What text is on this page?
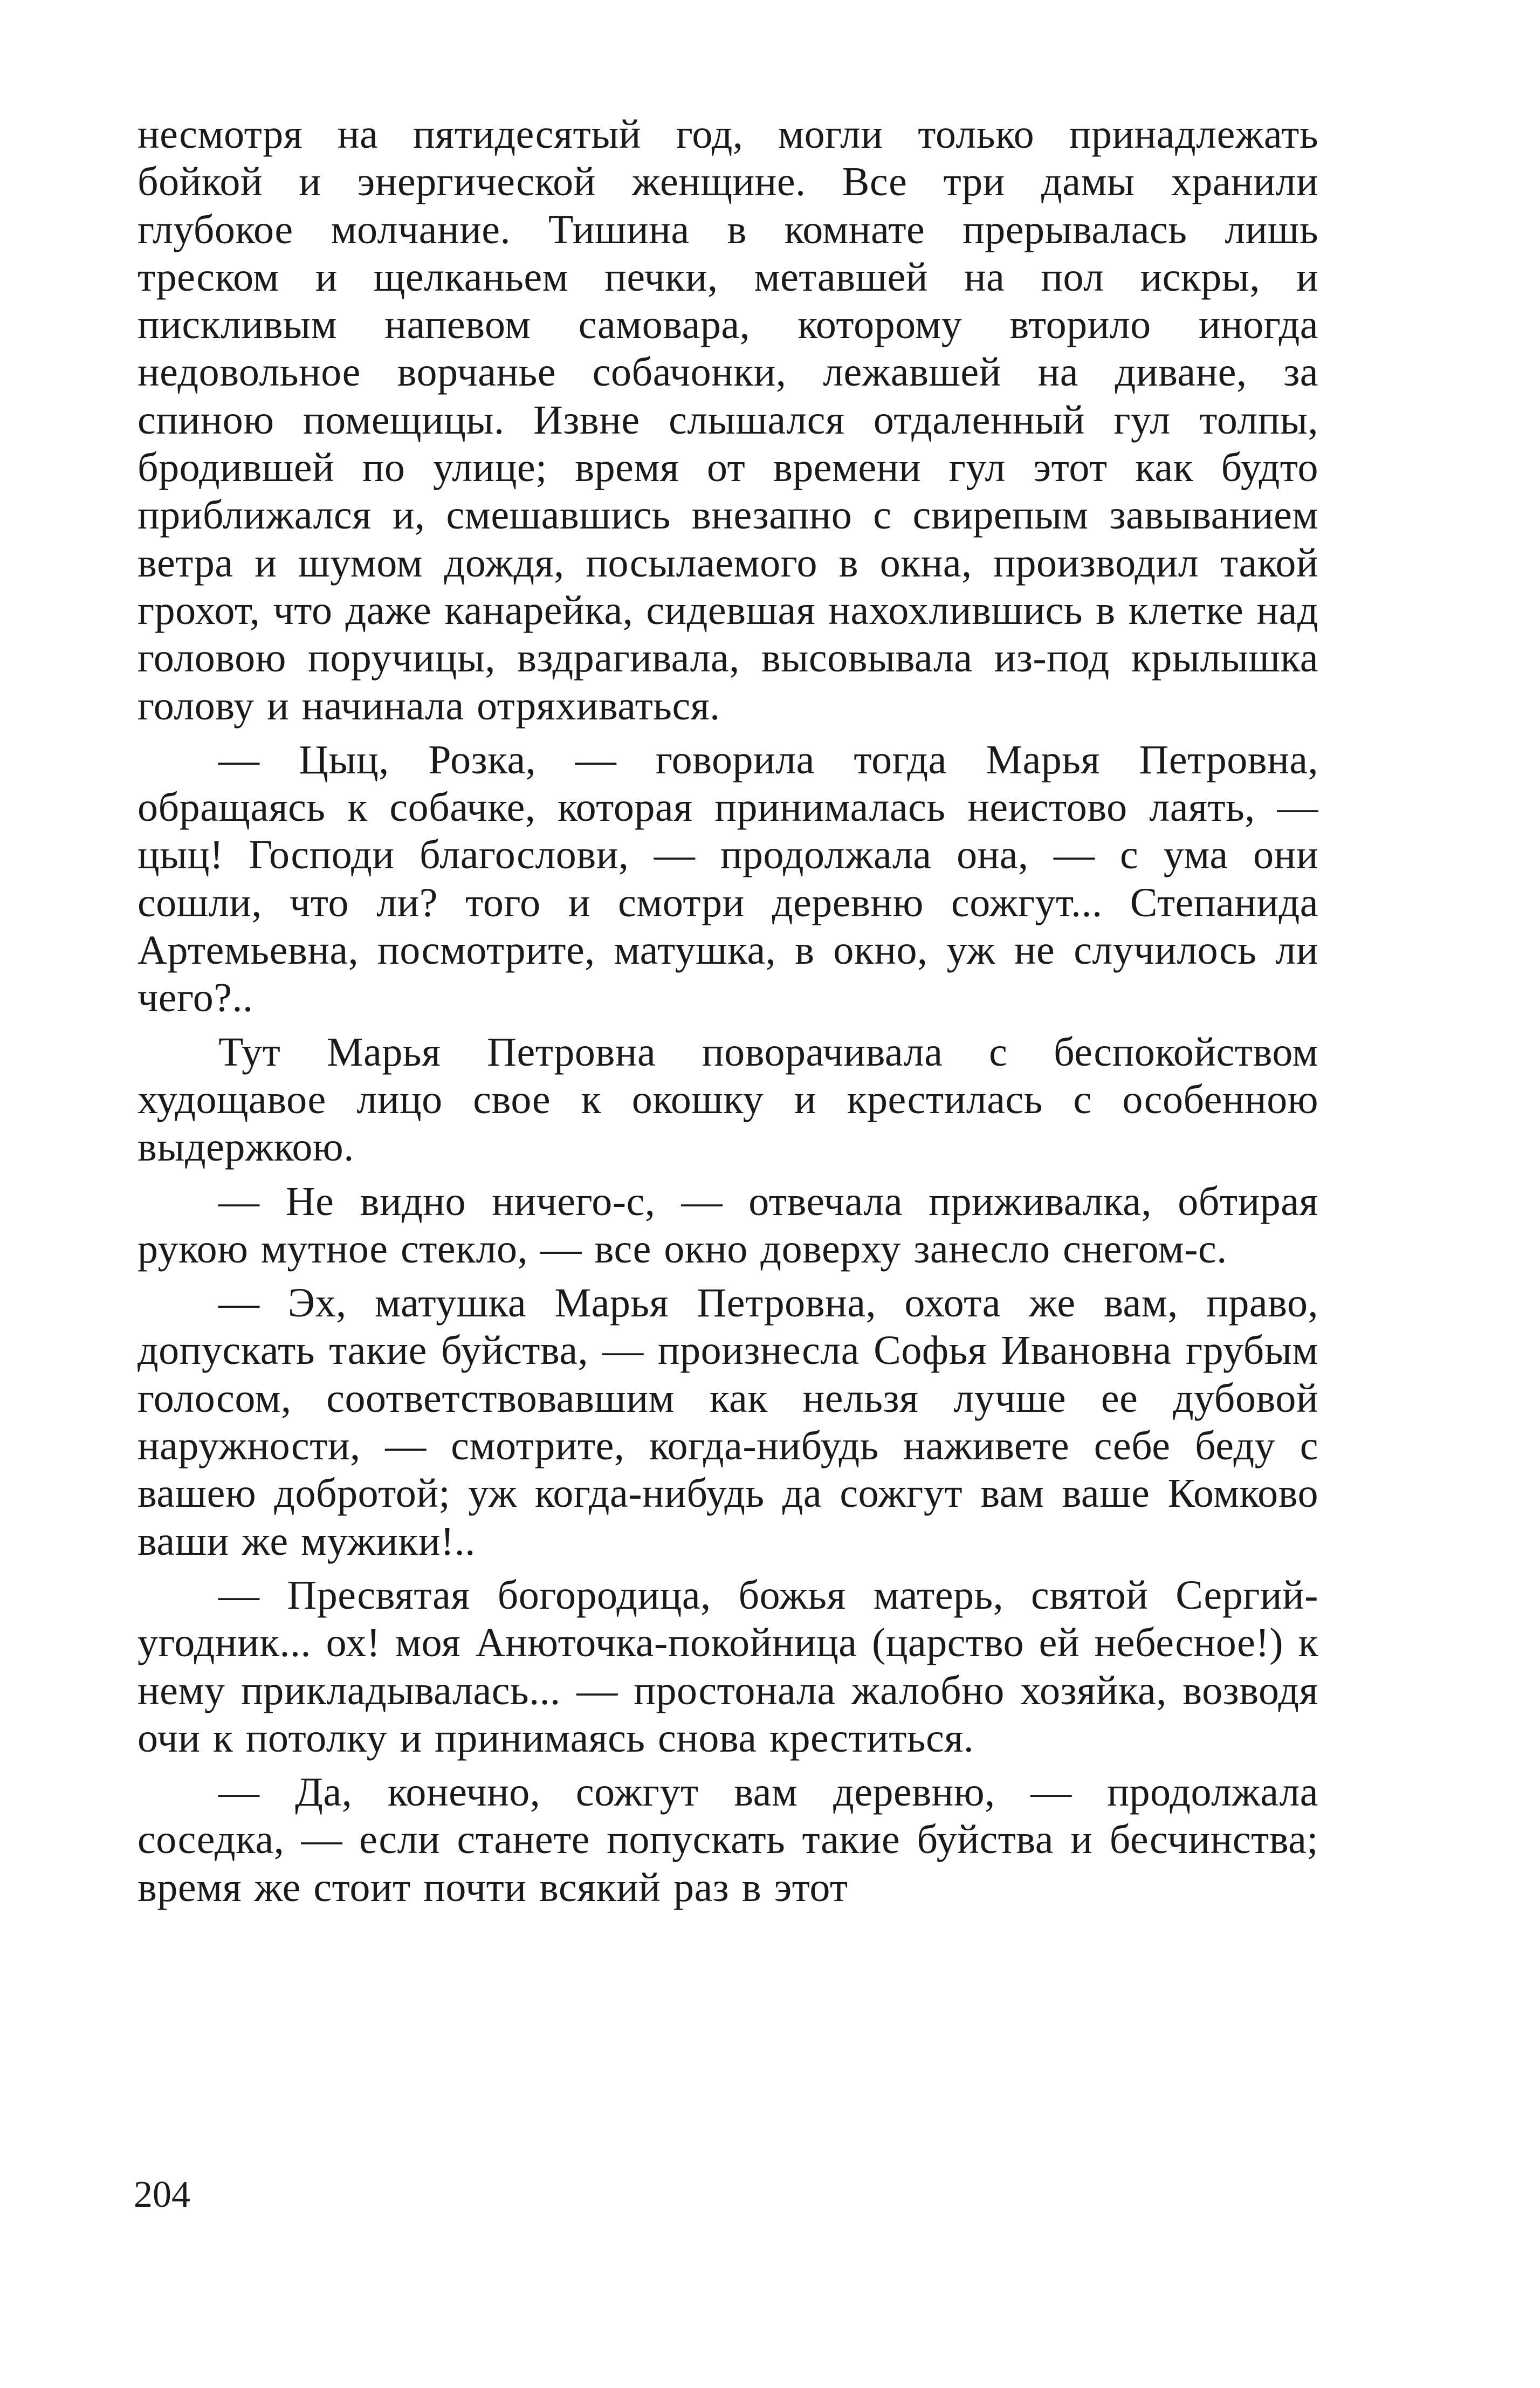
несмотря на пятидесятый год, могли только принадлежать бойкой и энергической женщине. Все три дамы хранили глубокое молчание. Тишина в комнате прерывалась лишь треском и щелканьем печки, метавшей на пол искры, и пискливым напевом самовара, которому вторило иногда недовольное ворчанье собачонки, лежавшей на диване, за спиною помещицы. Извне слышался отдаленный гул толпы, бродившей по улице; время от времени гул этот как будто приближался и, смешавшись внезапно с свирепым завыванием ветра и шумом дождя, посылаемого в окна, производил такой грохот, что даже канарейка, сидевшая нахохлившись в клетке над головою поручицы, вздрагивала, высовывала из-под крылышка голову и начинала отряхиваться.

— Цыц, Розка, — говорила тогда Марья Петровна, обращаясь к собачке, которая принималась неистово лаять, — цыц! Господи благослови, — продолжала она, — с ума они сошли, что ли? того и смотри деревню сожгут... Степанида Артемьевна, посмотрите, матушка, в окно, уж не случилось ли чего?..

Тут Марья Петровна поворачивала с беспокойством худощавое лицо свое к окошку и крестилась с особенною выдержкою.

— Не видно ничего-с, — отвечала приживалка, обтирая рукою мутное стекло, — все окно доверху занесло снегом-с.

— Эх, матушка Марья Петровна, охота же вам, право, допускать такие буйства, — произнесла Софья Ивановна грубым голосом, соответствовавшим как нельзя лучше ее дубовой наружности, — смотрите, когда-нибудь наживете себе беду с вашею добротой; уж когда-нибудь да сожгут вам ваше Комково ваши же мужики!..

— Пресвятая богородица, божья матерь, святой Сергий-угодник... ох! моя Анюточка-покойница (царство ей небесное!) к нему прикладывалась... — простонала жалобно хозяйка, возводя очи к потолку и принимаясь снова креститься.

— Да, конечно, сожгут вам деревню, — продолжала соседка, — если станете попускать такие буйства и бесчинства; время же стоит почти всякий раз в этот

204
